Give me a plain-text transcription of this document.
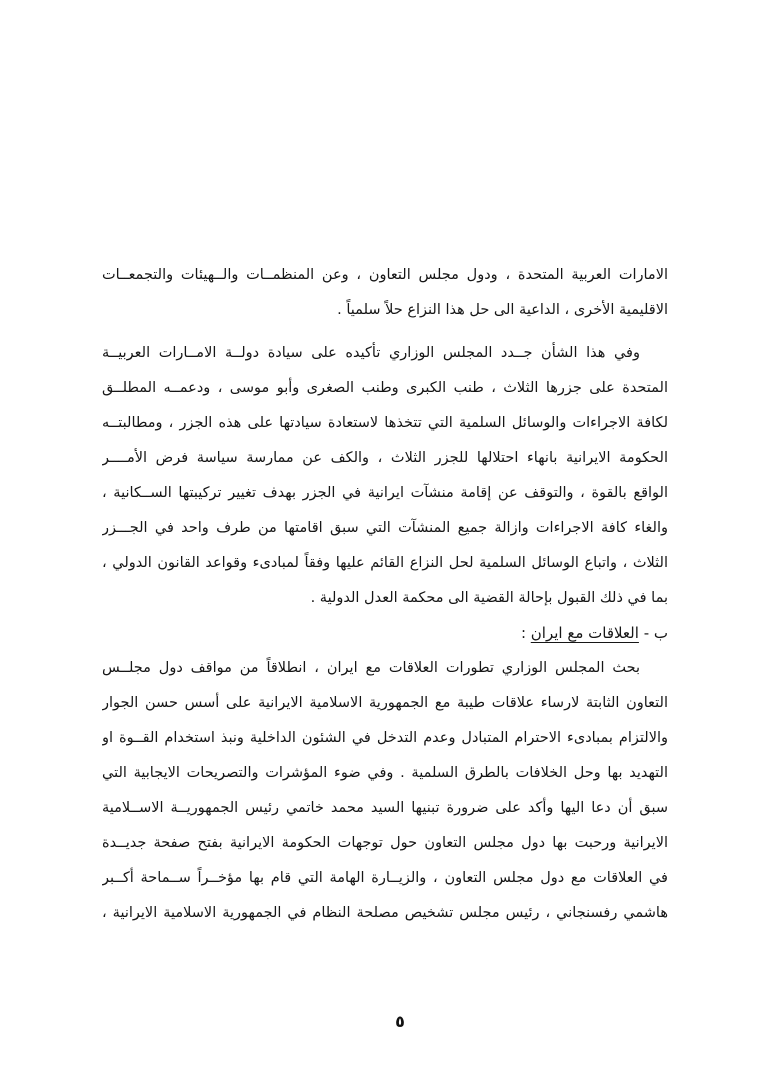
الامارات العربية المتحدة ، ودول مجلس التعاون ، وعن المنظمــات والــهيئات والتجمعــات
الاقليمية الأخرى ، الداعية الى حل هذا النزاع حلاً سلمياً .
وفي هذا الشأن جــدد المجلس الوزاري تأكيده على سيادة دولــة الامــارات العربيــة
المتحدة على جزرها الثلاث ، طنب الكبرى وطنب الصغرى وأبو موسى ، ودعمــه المطلــق
لكافة الاجراءات والوسائل السلمية التي تتخذها لاستعادة سيادتها على هذه الجزر ، ومطالبتــه
الحكومة الايرانية بانهاء احتلالها للجزر الثلاث ، والكف عن ممارسة سياسة فرض الأمــــر
الواقع بالقوة ، والتوقف عن إقامة منشآت ايرانية في الجزر بهدف تغيير تركيبتها الســكانية ،
والغاء كافة الاجراءات وازالة جميع المنشآت التي سبق اقامتها من طرف واحد في الجـــزر
الثلاث ، واتباع الوسائل السلمية لحل النزاع القائم عليها وفقاً لمبادىء وقواعد القانون الدولي ،
بما في ذلك القبول بإحالة القضية الى محكمة العدل الدولية .
ب - العلاقات مع ايران :
بحث المجلس الوزاري تطورات العلاقات مع ايران ، انطلاقاً من مواقف دول مجلــس
التعاون الثابتة لارساء علاقات طيبة مع الجمهورية الاسلامية الايرانية على أسس حسن الجوار
والالتزام بمبادىء الاحترام المتبادل وعدم التدخل في الشئون الداخلية ونبذ استخدام القــوة او
التهديد بها وحل الخلافات بالطرق السلمية . وفي ضوء المؤشرات والتصريحات الايجابية التي
سبق أن دعا اليها وأكد على ضرورة تبنيها السيد محمد خاتمي رئيس الجمهوريــة الاســلامية
الايرانية ورحبت بها دول مجلس التعاون حول توجهات الحكومة الايرانية بفتح صفحة جديــدة
في العلاقات مع دول مجلس التعاون ، والزيــارة الهامة التي قام بها مؤخــراً ســماحة أكــبر
هاشمي رفسنجاني ، رئيس مجلس تشخيص مصلحة النظام في الجمهورية الاسلامية الايرانية ،
٥
